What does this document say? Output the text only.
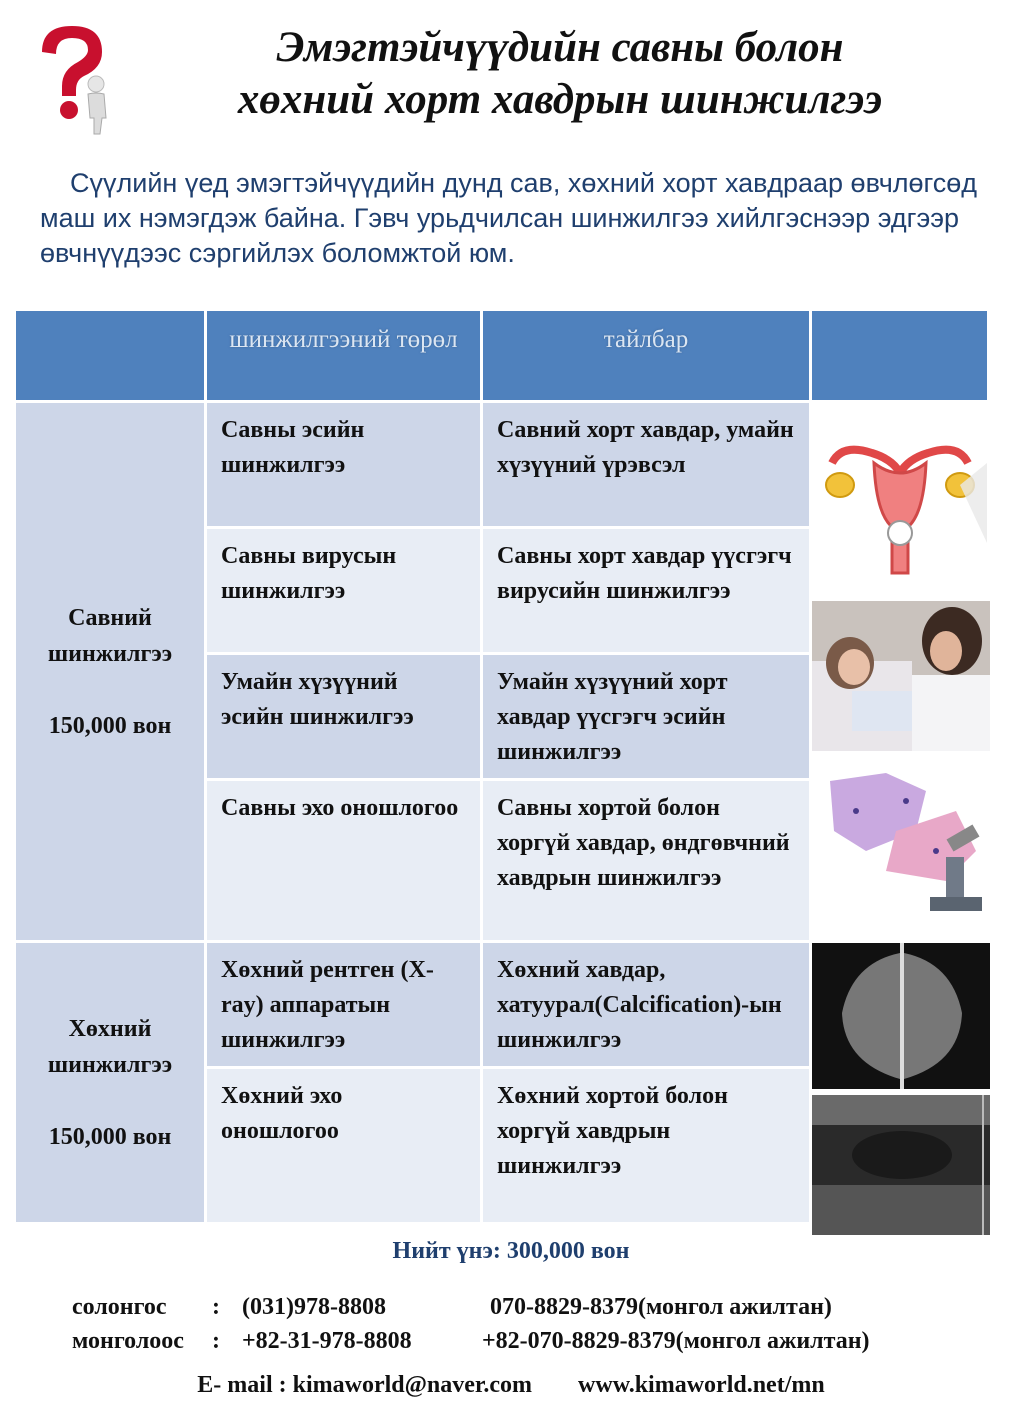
Эмэгтэйчүүдийн савны болон
хөхний хорт хавдрын шинжилгээ
Сүүлийн үед эмэгтэйчүүдийн дунд сав, хөхний хорт хавдраар өвчлөгсөд маш их нэмэгдэж байна. Гэвч урьдчилсан шинжилгээ хийлгэснээр эдгээр өвчнүүдээс сэргийлэх боломжтой юм.
	шинжилгээний төрөл	тайлбар	

Савний шинжилгээ
150,000 вон	Савны эсийн шинжилгээ	Савний хорт хавдар, умайн хүзүүний үрэвсэл	

	Савны вирусын шинжилгээ	Савны хорт хавдар үүсгэгч вирусийн шинжилгээ	
	Умайн хүзүүний эсийн шинжилгээ	Умайн хүзүүний хорт хавдар үүсгэгч эсийн шинжилгээ	
	Савны эхо оношлогоо	Савны хортой болон хоргүй хавдар, өндгөвчний хавдрын шинжилгээ	

Хөхний шинжилгээ
150,000 вон	Хөхний рентген (X-ray) аппаратын шинжилгээ	Хөхний хавдар, хатуурал(Calcification)-ын шинжилгээ	

	Хөхний эхо оношлогоо	Хөхний хортой болон хоргүй хавдрын шинжилгээ	
Нийт үнэ: 300,000 вон
солонгос : (031)978-8808	070-8829-8379(монгол ажилтан)
монголоос : +82-31-978-8808	+82-070-8829-8379(монгол ажилтан)
E- mail : kimaworld@naver.com www.kimaworld.net/mn
